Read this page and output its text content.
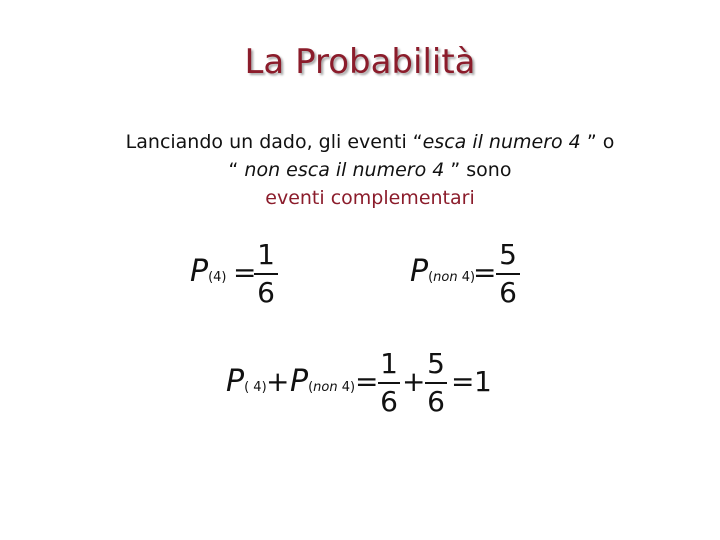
La Probabilità
Lanciando un dado, gli eventi “esca il numero 4 ” o
“ non esca il numero 4 ” sono
eventi complementari
P(4) =
1
6
P(non 4)
=
5
6
P( 4) + P(non 4) =
1
6
+
5
6
= 1
